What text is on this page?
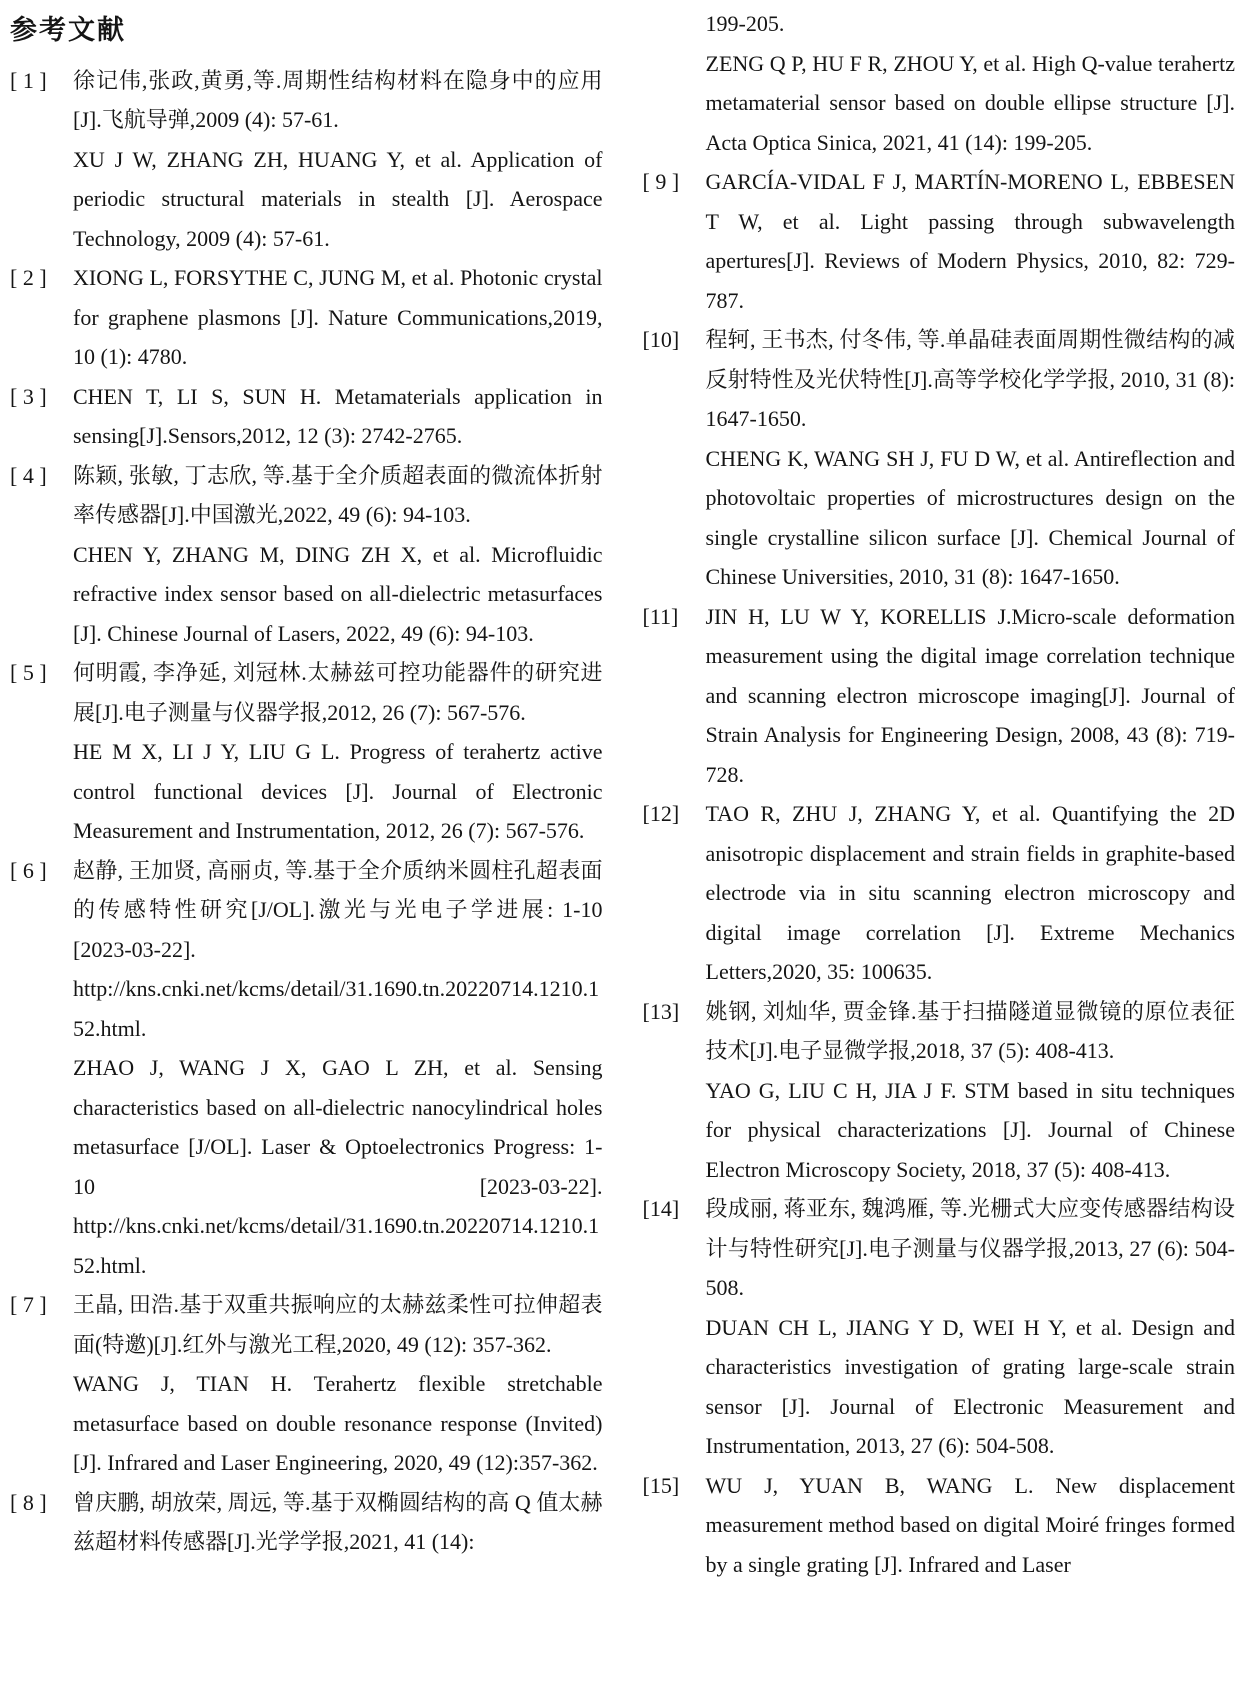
参考文献
[ 1 ]	徐记伟,张政,黄勇,等.周期性结构材料在隐身中的应用[J].飞航导弹,2009 (4): 57-61.

XU J W, ZHANG ZH, HUANG Y, et al. Application of periodic structural materials in stealth [J]. Aerospace Technology, 2009 (4): 57-61.

[ 2 ]	XIONG L, FORSYTHE C, JUNG M, et al. Photonic crystal for graphene plasmons [J]. Nature Communications,2019, 10 (1): 4780.

[ 3 ]	CHEN T, LI S, SUN H. Metamaterials application in sensing[J].Sensors,2012, 12 (3): 2742-2765.

[ 4 ]	陈颖, 张敏, 丁志欣, 等.基于全介质超表面的微流体折射率传感器[J].中国激光,2022, 49 (6): 94-103.

CHEN Y, ZHANG M, DING ZH X, et al. Microfluidic refractive index sensor based on all-dielectric metasurfaces [J]. Chinese Journal of Lasers, 2022, 49 (6): 94-103.

[ 5 ]	何明霞, 李净延, 刘冠林.太赫兹可控功能器件的研究进展[J].电子测量与仪器学报,2012, 26 (7): 567-576.

HE M X, LI J Y, LIU G L. Progress of terahertz active control functional devices [J]. Journal of Electronic Measurement and Instrumentation, 2012, 26 (7): 567-576.

[ 6 ]	赵静, 王加贤, 高丽贞, 等.基于全介质纳米圆柱孔超表面的传感特性研究[J/OL].激光与光电子学进展: 1-10 [2023-03-22]. http://kns.cnki.net/kcms/detail/31.1690.tn.20220714.1210.152.html.

ZHAO J, WANG J X, GAO L ZH, et al. Sensing characteristics based on all-dielectric nanocylindrical holes metasurface [J/OL]. Laser & Optoelectronics Progress: 1-10 [2023-03-22]. http://kns.cnki.net/kcms/detail/31.1690.tn.20220714.1210.152.html.

[ 7 ]	王晶, 田浩.基于双重共振响应的太赫兹柔性可拉伸超表面(特邀)[J].红外与激光工程,2020, 49 (12): 357-362.

WANG J, TIAN H. Terahertz flexible stretchable metasurface based on double resonance response (Invited) [J]. Infrared and Laser Engineering, 2020, 49 (12):357-362.

[ 8 ]	曾庆鹏, 胡放荣, 周远, 等.基于双椭圆结构的高 Q 值太赫兹超材料传感器[J].光学学报,2021, 41 (14):

199-205.

ZENG Q P, HU F R, ZHOU Y, et al. High Q-value terahertz metamaterial sensor based on double ellipse structure [J]. Acta Optica Sinica, 2021, 41 (14): 199-205.

[ 9 ]	GARCÍA-VIDAL F J, MARTÍN-MORENO L, EBBESEN T W, et al. Light passing through subwavelength apertures[J]. Reviews of Modern Physics, 2010, 82: 729-787.

[10]	程轲, 王书杰, 付冬伟, 等.单晶硅表面周期性微结构的减反射特性及光伏特性[J].高等学校化学学报, 2010, 31 (8): 1647-1650.

CHENG K, WANG SH J, FU D W, et al. Antireflection and photovoltaic properties of microstructures design on the single crystalline silicon surface [J]. Chemical Journal of Chinese Universities, 2010, 31 (8): 1647-1650.

[11]	JIN H, LU W Y, KORELLIS J.Micro-scale deformation measurement using the digital image correlation technique and scanning electron microscope imaging[J]. Journal of Strain Analysis for Engineering Design, 2008, 43 (8): 719-728.

[12]	TAO R, ZHU J, ZHANG Y, et al. Quantifying the 2D anisotropic displacement and strain fields in graphite-based electrode via in situ scanning electron microscopy and digital image correlation [J]. Extreme Mechanics Letters,2020, 35: 100635.

[13]	姚钢, 刘灿华, 贾金锋.基于扫描隧道显微镜的原位表征技术[J].电子显微学报,2018, 37 (5): 408-413.

YAO G, LIU C H, JIA J F. STM based in situ techniques for physical characterizations [J]. Journal of Chinese Electron Microscopy Society, 2018, 37 (5): 408-413.

[14]	段成丽, 蒋亚东, 魏鸿雁, 等.光栅式大应变传感器结构设计与特性研究[J].电子测量与仪器学报,2013, 27 (6): 504-508.

DUAN CH L, JIANG Y D, WEI H Y, et al. Design and characteristics investigation of grating large-scale strain sensor [J]. Journal of Electronic Measurement and Instrumentation, 2013, 27 (6): 504-508.

[15]	WU J, YUAN B, WANG L. New displacement measurement method based on digital Moiré fringes formed by a single grating [J]. Infrared and Laser
